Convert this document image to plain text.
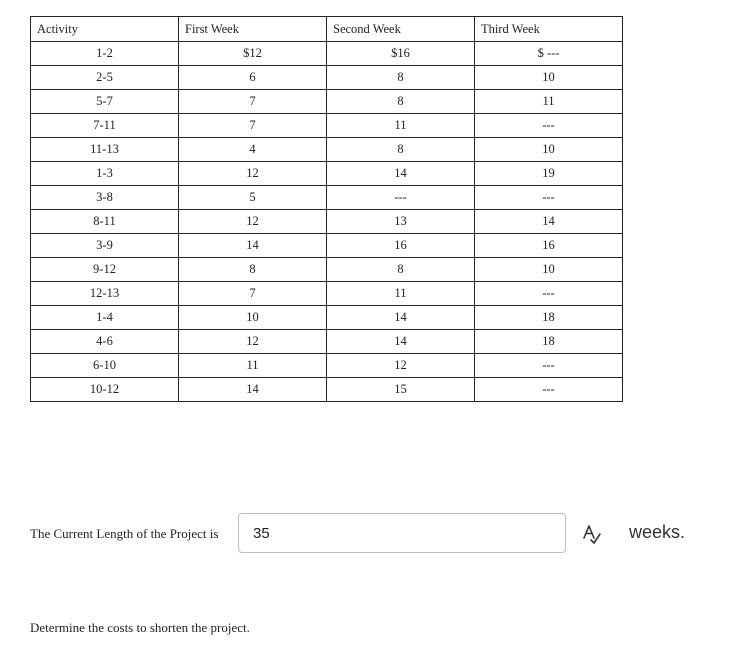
Activity	First Week	Second Week	Third Week
1-2	$12	$16	$ ---
2-5	6	8	10
5-7	7	8	11
7-11	7	11	---
11-13	4	8	10
1-3	12	14	19
3-8	5	---	---
8-11	12	13	14
3-9	14	16	16
9-12	8	8	10
12-13	7	11	---
1-4	10	14	18
4-6	12	14	18
6-10	11	12	---
10-12	14	15	---
The Current Length of the Project is
35	weeks.
Determine the costs to shorten the project.
